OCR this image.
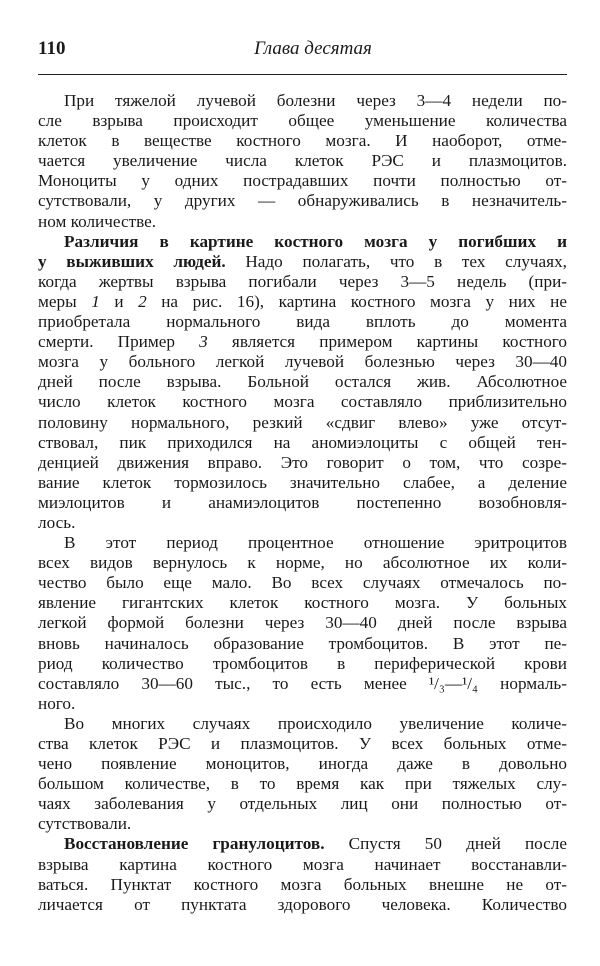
110	Глава десятая
При тяжелой лучевой болезни через 3—4 недели по-
сле взрыва происходит общее уменьшение количества
клеток в веществе костного мозга. И наоборот, отме-
чается увеличение числа клеток РЭС и плазмоцитов.
Моноциты у одних пострадавших почти полностью от-
сутствовали, у других — обнаруживались в незначитель-
ном количестве.
Различия в картине костного мозга у погибших и
у выживших людей. Надо полагать, что в тех случаях,
когда жертвы взрыва погибали через 3—5 недель (при-
меры 1 и 2 на рис. 16), картина костного мозга у них не
приобретала нормального вида вплоть до момента
смерти. Пример 3 является примером картины костного
мозга у больного легкой лучевой болезнью через 30—40
дней после взрыва. Больной остался жив. Абсолютное
число клеток костного мозга составляло приблизительно
половину нормального, резкий «сдвиг влево» уже отсут-
ствовал, пик приходился на аномиэлоциты с общей тен-
денцией движения вправо. Это говорит о том, что созре-
вание клеток тормозилось значительно слабее, а деление
миэлоцитов и анамиэлоцитов постепенно возобновля-
лось.
В этот период процентное отношение эритроцитов
всех видов вернулось к норме, но абсолютное их коли-
чество было еще мало. Во всех случаях отмечалось по-
явление гигантских клеток костного мозга. У больных
легкой формой болезни через 30—40 дней после взрыва
вновь начиналось образование тромбоцитов. В этот пе-
риод количество тромбоцитов в периферической крови
составляло 30—60 тыс., то есть менее ¹/₃—¹/₄ нормаль-
ного.
Во многих случаях происходило увеличение количе-
ства клеток РЭС и плазмоцитов. У всех больных отме-
чено появление моноцитов, иногда даже в довольно
большом количестве, в то время как при тяжелых слу-
чаях заболевания у отдельных лиц они полностью от-
сутствовали.
Восстановление гранулоцитов. Спустя 50 дней после
взрыва картина костного мозга начинает восстанавли-
ваться. Пунктат костного мозга больных внешне не от-
личается от пунктата здорового человека. Количество
